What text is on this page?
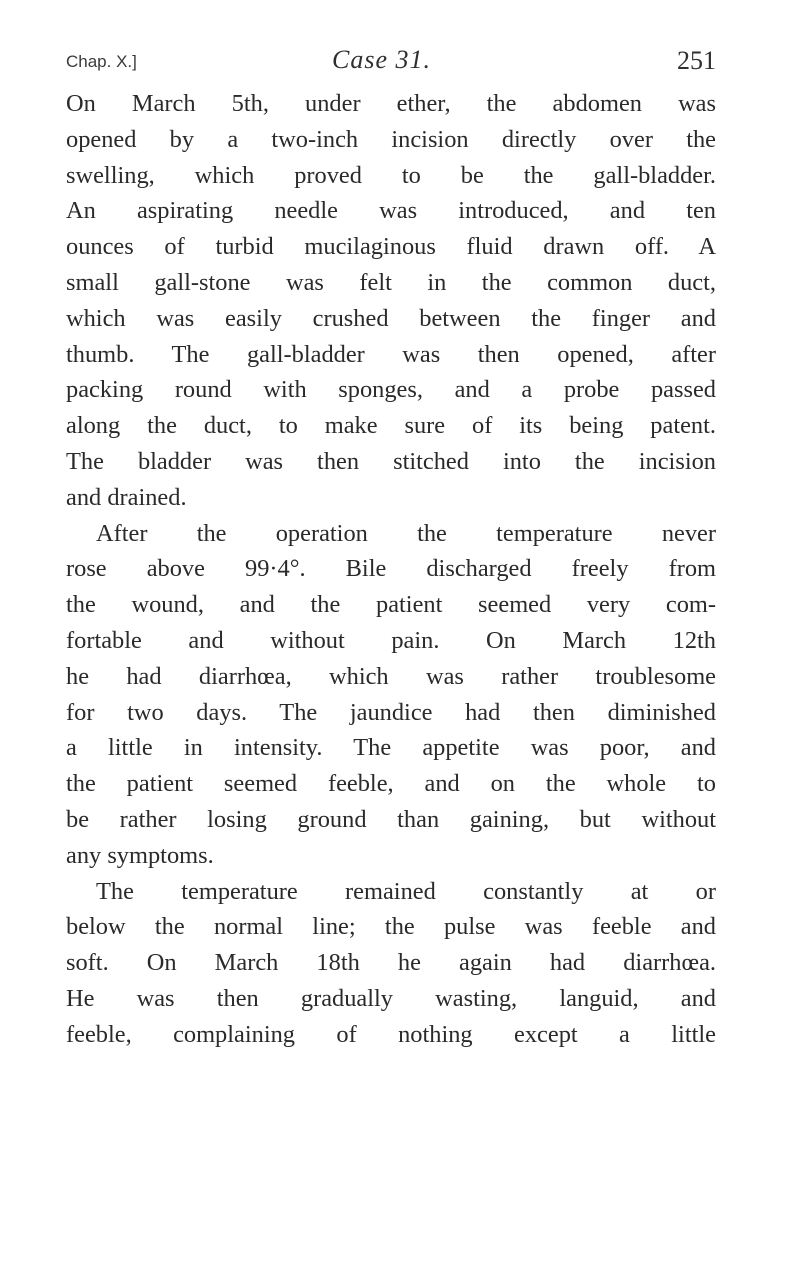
Chap. X.]	Case 31.	251
On March 5th, under ether, the abdomen was
opened by a two-inch incision directly over the
swelling, which proved to be the gall-bladder.
An aspirating needle was introduced, and ten
ounces of turbid mucilaginous fluid drawn off. A
small gall-stone was felt in the common duct,
which was easily crushed between the finger and
thumb. The gall-bladder was then opened, after
packing round with sponges, and a probe passed
along the duct, to make sure of its being patent.
The bladder was then stitched into the incision
and drained.
After the operation the temperature never
rose above 99·4°. Bile discharged freely from
the wound, and the patient seemed very com-
fortable and without pain. On March 12th
he had diarrhœa, which was rather troublesome
for two days. The jaundice had then diminished
a little in intensity. The appetite was poor, and
the patient seemed feeble, and on the whole to
be rather losing ground than gaining, but without
any symptoms.
The temperature remained constantly at or
below the normal line; the pulse was feeble and
soft. On March 18th he again had diarrhœa.
He was then gradually wasting, languid, and
feeble, complaining of nothing except a little
